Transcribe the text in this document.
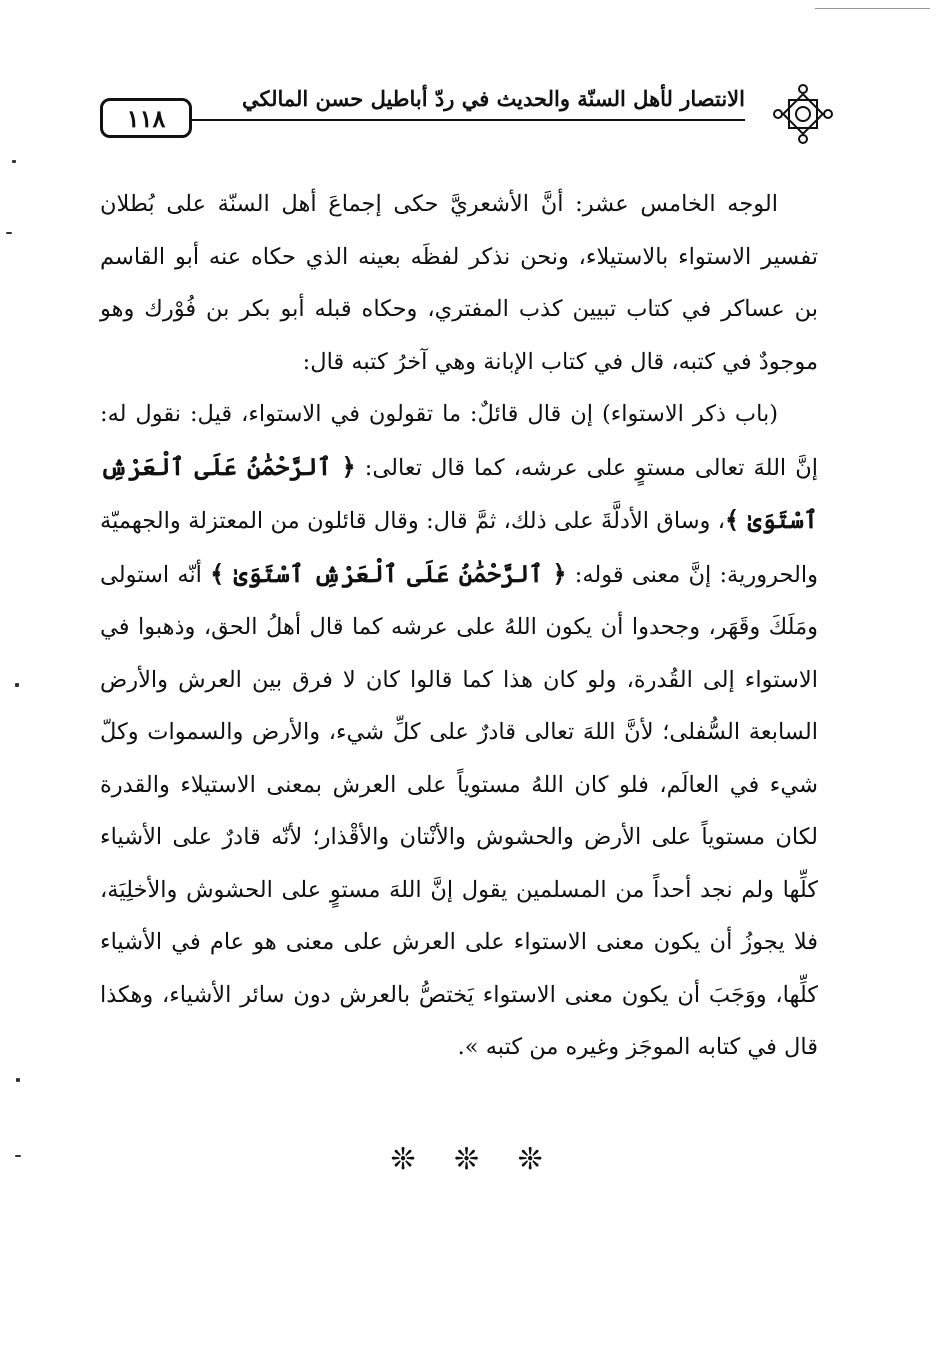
الانتصار لأهل السنّة والحديث في ردّ أباطيل حسن المالكي
١١٨

الوجه الخامس عشر: أنَّ الأشعريَّ حكى إجماعَ أهل السنّة على بُطلان تفسير الاستواء بالاستيلاء، ونحن نذكر لفظَه بعينه الذي حكاه عنه أبو القاسم بن عساكر في كتاب تبيين كذب المفتري، وحكاه قبله أبو بكر بن فُوْرك وهو موجودٌ في كتبه، قال في كتاب الإبانة وهي آخرُ كتبه قال:

(باب ذكر الاستواء) إن قال قائلٌ: ما تقولون في الاستواء، قيل: نقول له: إنَّ اللهَ تعالى مستوٍ على عرشه، كما قال تعالى: ﴿ ٱلرَّحْمَٰنُ عَلَى ٱلْعَرْشِ ٱسْتَوَىٰ ﴾، وساق الأدلَّةَ على ذلك، ثمَّ قال: وقال قائلون من المعتزلة والجهميّة والحرورية: إنَّ معنى قوله: ﴿ ٱلرَّحْمَٰنُ عَلَى ٱلْعَرْشِ ٱسْتَوَىٰ ﴾ أنّه استولى ومَلَكَ وقَهَر، وجحدوا أن يكون اللهُ على عرشه كما قال أهلُ الحق، وذهبوا في الاستواء إلى القُدرة، ولو كان هذا كما قالوا كان لا فرق بين العرش والأرض السابعة السُّفلى؛ لأنَّ اللهَ تعالى قادرٌ على كلِّ شيء، والأرض والسموات وكلّ شيء في العالَم، فلو كان اللهُ مستوياً على العرش بمعنى الاستيلاء والقدرة لكان مستوياً على الأرض والحشوش والأنْتان والأقْذار؛ لأنّه قادرٌ على الأشياء كلِّها ولم نجد أحداً من المسلمين يقول إنَّ اللهَ مستوٍ على الحشوش والأخلِيَة، فلا يجوزُ أن يكون معنى الاستواء على العرش على معنى هو عام في الأشياء كلِّها، ووَجَبَ أن يكون معنى الاستواء يَختصُّ بالعرش دون سائر الأشياء، وهكذا قال في كتابه الموجَز وغيره من كتبه ».

❊ ❊ ❊
